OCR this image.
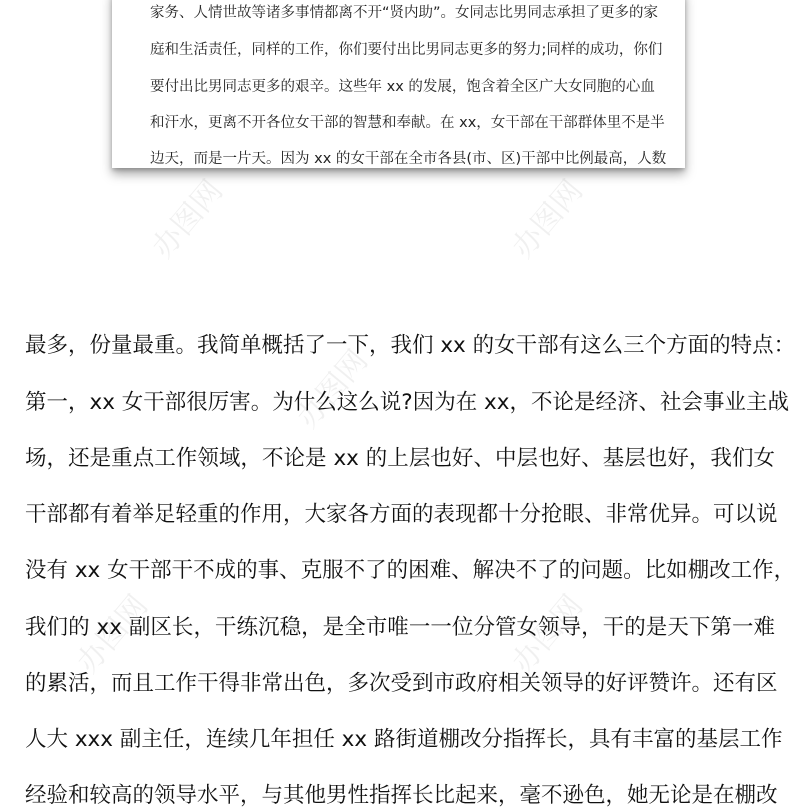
办图网	办图网
办图网
办图网	办图网
家务、人情世故等诸多事情都离不开“贤内助”。女同志比男同志承担了更多的家
庭和生活责任，同样的工作，你们要付出比男同志更多的努力;同样的成功，你们
要付出比男同志更多的艰辛。这些年 xx 的发展，饱含着全区广大女同胞的心血
和汗水，更离不开各位女干部的智慧和奉献。在 xx，女干部在干部群体里不是半
边天，而是一片天。因为 xx 的女干部在全市各县(市、区)干部中比例最高，人数
最多，份量最重。我简单概括了一下，我们 xx 的女干部有这么三个方面的特点：
第一，xx 女干部很厉害。为什么这么说?因为在 xx，不论是经济、社会事业主战
场，还是重点工作领域，不论是 xx 的上层也好、中层也好、基层也好，我们女
干部都有着举足轻重的作用，大家各方面的表现都十分抢眼、非常优异。可以说
没有 xx 女干部干不成的事、克服不了的困难、解决不了的问题。比如棚改工作，
我们的 xx 副区长，干练沉稳，是全市唯一一位分管女领导，干的是天下第一难
的累活，而且工作干得非常出色，多次受到市政府相关领导的好评赞许。还有区
人大 xxx 副主任，连续几年担任 xx 路街道棚改分指挥长，具有丰富的基层工作
经验和较高的领导水平，与其他男性指挥长比起来，毫不逊色，她无论是在棚改
